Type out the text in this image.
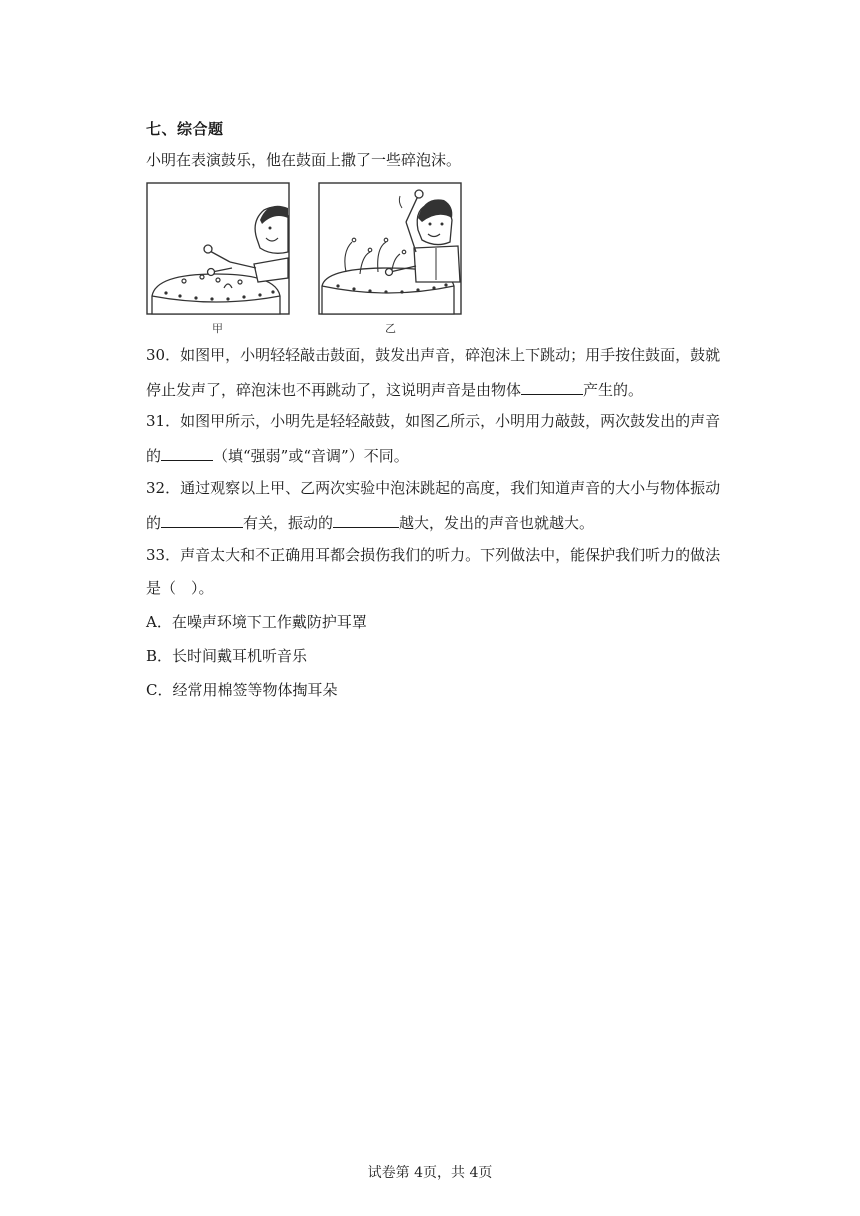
七、综合题
小明在表演鼓乐，他在鼓面上撒了一些碎泡沫。
甲	乙
30．如图甲，小明轻轻敲击鼓面，鼓发出声音，碎泡沫上下跳动；用手按住鼓面，鼓就
停止发声了，碎泡沫也不再跳动了，这说明声音是由物体	产生的。
31．如图甲所示，小明先是轻轻敲鼓，如图乙所示，小明用力敲鼓，两次鼓发出的声音
的	（填“强弱”或“音调”）不同。
32．通过观察以上甲、乙两次实验中泡沫跳起的高度，我们知道声音的大小与物体振动
的	有关，振动的	越大，发出的声音也就越大。
33．声音太大和不正确用耳都会损伤我们的听力。下列做法中，能保护我们听力的做法
是（　）。
A．在噪声环境下工作戴防护耳罩
B．长时间戴耳机听音乐
C．经常用棉签等物体掏耳朵
试卷第 4页，共 4页
